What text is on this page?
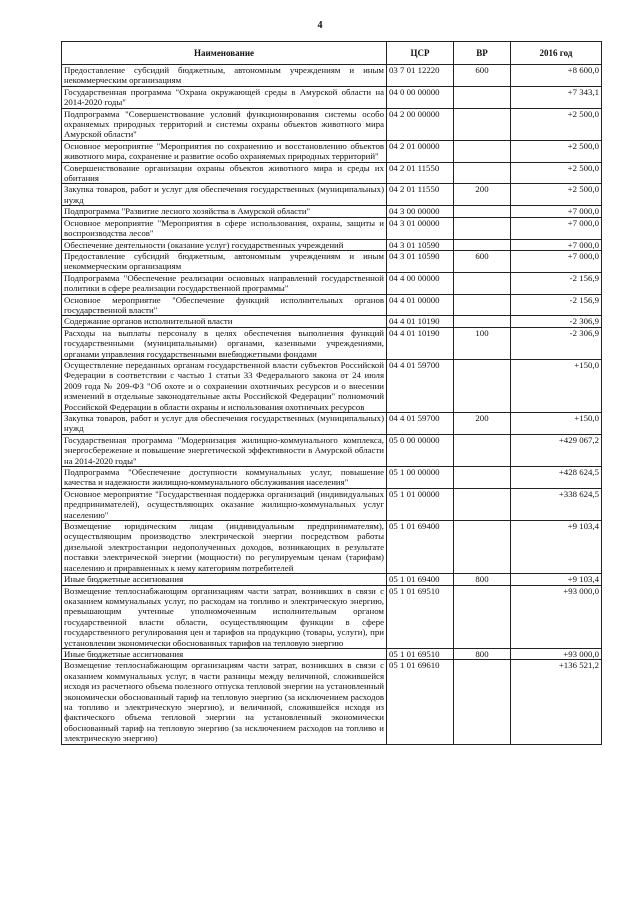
4
Наименование	ЦСР	ВР	2016 год
Предоставление субсидий бюджетным, автономным учреждениям и иным некоммерческим организациям	03 7 01 12220	600	+8 600,0
Государственная программа "Охрана окружающей среды в Амурской области на 2014-2020 годы"	04 0 00 00000		+7 343,1
Подпрограмма "Совершенствование условий функционирования системы особо охраняемых природных территорий и системы охраны объектов животного мира Амурской области"	04 2 00 00000		+2 500,0
Основное мероприятие "Мероприятия по сохранению и восстановлению объектов животного мира, сохранение и развитие особо охраняемых природных территорий"	04 2 01 00000		+2 500,0
Совершенствование организации охраны объектов животного мира и среды их обитания	04 2 01 11550		+2 500,0
Закупка товаров, работ и услуг для обеспечения государственных (муниципальных) нужд	04 2 01 11550	200	+2 500,0
Подпрограмма "Развитие лесного хозяйства в Амурской области"	04 3 00 00000		+7 000,0
Основное мероприятие "Мероприятия в сфере использования, охраны, защиты и воспроизводства лесов"	04 3 01 00000		+7 000,0
Обеспечение деятельности (оказание услуг) государственных учреждений	04 3 01 10590		+7 000,0
Предоставление субсидий бюджетным, автономным учреждениям и иным некоммерческим организациям	04 3 01 10590	600	+7 000,0
Подпрограмма "Обеспечение реализации основных направлений государственной политики в сфере реализации государственной программы"	04 4 00 00000		-2 156,9
Основное мероприятие "Обеспечение функций исполнительных органов государственной власти"	04 4 01 00000		-2 156,9
Содержание органов исполнительной власти	04 4 01 10190		-2 306,9
Расходы на выплаты персоналу в целях обеспечения выполнения функций государственными (муниципальными) органами, казенными учреждениями, органами управления государственными внебюджетными фондами	04 4 01 10190	100	-2 306,9
Осуществление переданных органам государственной власти субъектов Российской Федерации в соответствии с частью 1 статьи 33 Федерального закона от 24 июля 2009 года № 209-ФЗ "Об охоте и о сохранении охотничьих ресурсов и о внесении изменений в отдельные законодательные акты Российской Федерации" полномочий Российской Федерации в области охраны и использования охотничьих ресурсов	04 4 01 59700		+150,0
Закупка товаров, работ и услуг для обеспечения государственных (муниципальных) нужд	04 4 01 59700	200	+150,0
Государственная программа "Модернизация жилищно-коммунального комплекса, энергосбережение и повышение энергетической эффективности в Амурской области на 2014-2020 годы"	05 0 00 00000		+429 067,2
Подпрограмма "Обеспечение доступности коммунальных услуг, повышение качества и надежности жилищно-коммунального обслуживания населения"	05 1 00 00000		+428 624,5
Основное мероприятие "Государственная поддержка организаций (индивидуальных предпринимателей), осуществляющих оказание жилищно-коммунальных услуг населению"	05 1 01 00000		+338 624,5
Возмещение юридическим лицам (индивидуальным предпринимателям), осуществляющим производство электрической энергии посредством работы дизельной электростанции недополученных доходов, возникающих в результате поставки электрической энергии (мощности) по регулируемым ценам (тарифам) населению и приравненных к нему категориям потребителей	05 1 01 69400		+9 103,4
Иные бюджетные ассигнования	05 1 01 69400	800	+9 103,4
Возмещение теплоснабжающим организациям части затрат, возникших в связи с оказанием коммунальных услуг, по расходам на топливо и электрическую энергию, превышающим учтенные уполномоченным исполнительным органом государственной власти области, осуществляющим функции в сфере государственного регулирования цен и тарифов на продукцию (товары, услуги), при установлении экономически обоснованных тарифов на тепловую энергию	05 1 01 69510		+93 000,0
Иные бюджетные ассигнования	05 1 01 69510	800	+93 000,0
Возмещение теплоснабжающим организациям части затрат, возникших в связи с оказанием коммунальных услуг, в части разницы между величиной, сложившейся исходя из расчетного объема полезного отпуска тепловой энергии на установленный экономически обоснованный тариф на тепловую энергию (за исключением расходов на топливо и электрическую энергию), и величиной, сложившейся исходя из фактического объема тепловой энергии на установленный экономически обоснованный тариф на тепловую энергию (за исключением расходов на топливо и электрическую энергию)	05 1 01 69610		+136 521,2
